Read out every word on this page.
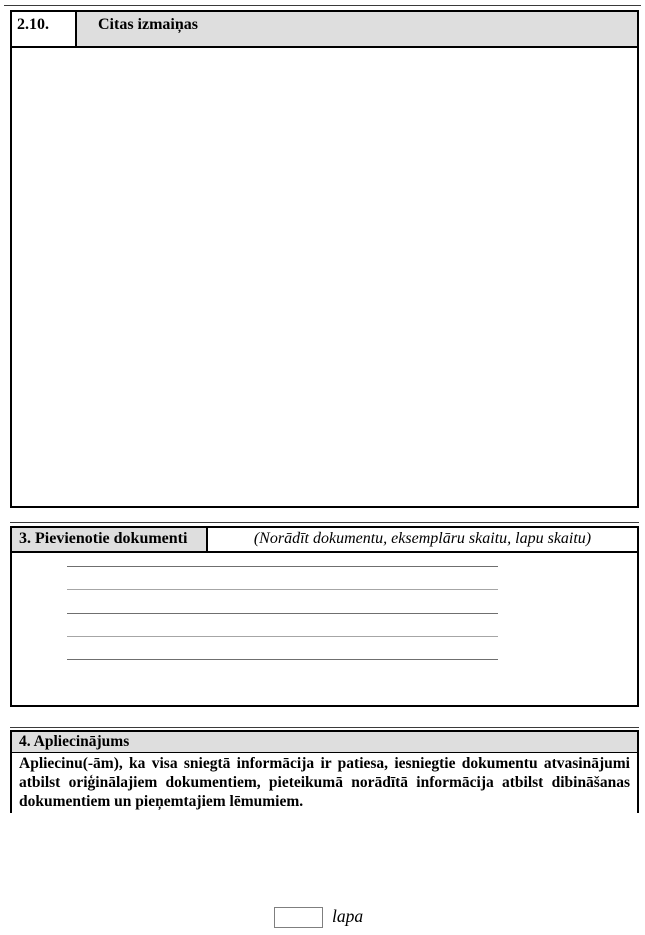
2.10.	Citas izmaiņas
3. Pievienotie dokumenti	(Norādīt dokumentu, eksemplāru skaitu, lapu skaitu)
4. Apliecinājums
Apliecinu(-ām), ka visa sniegtā informācija ir patiesa, iesniegtie dokumentu atvasinājumi atbilst oriģinālajiem dokumentiem, pieteikumā norādītā informācija atbilst dibināšanas dokumentiem un pieņemtajiem lēmumiem.
lapa
